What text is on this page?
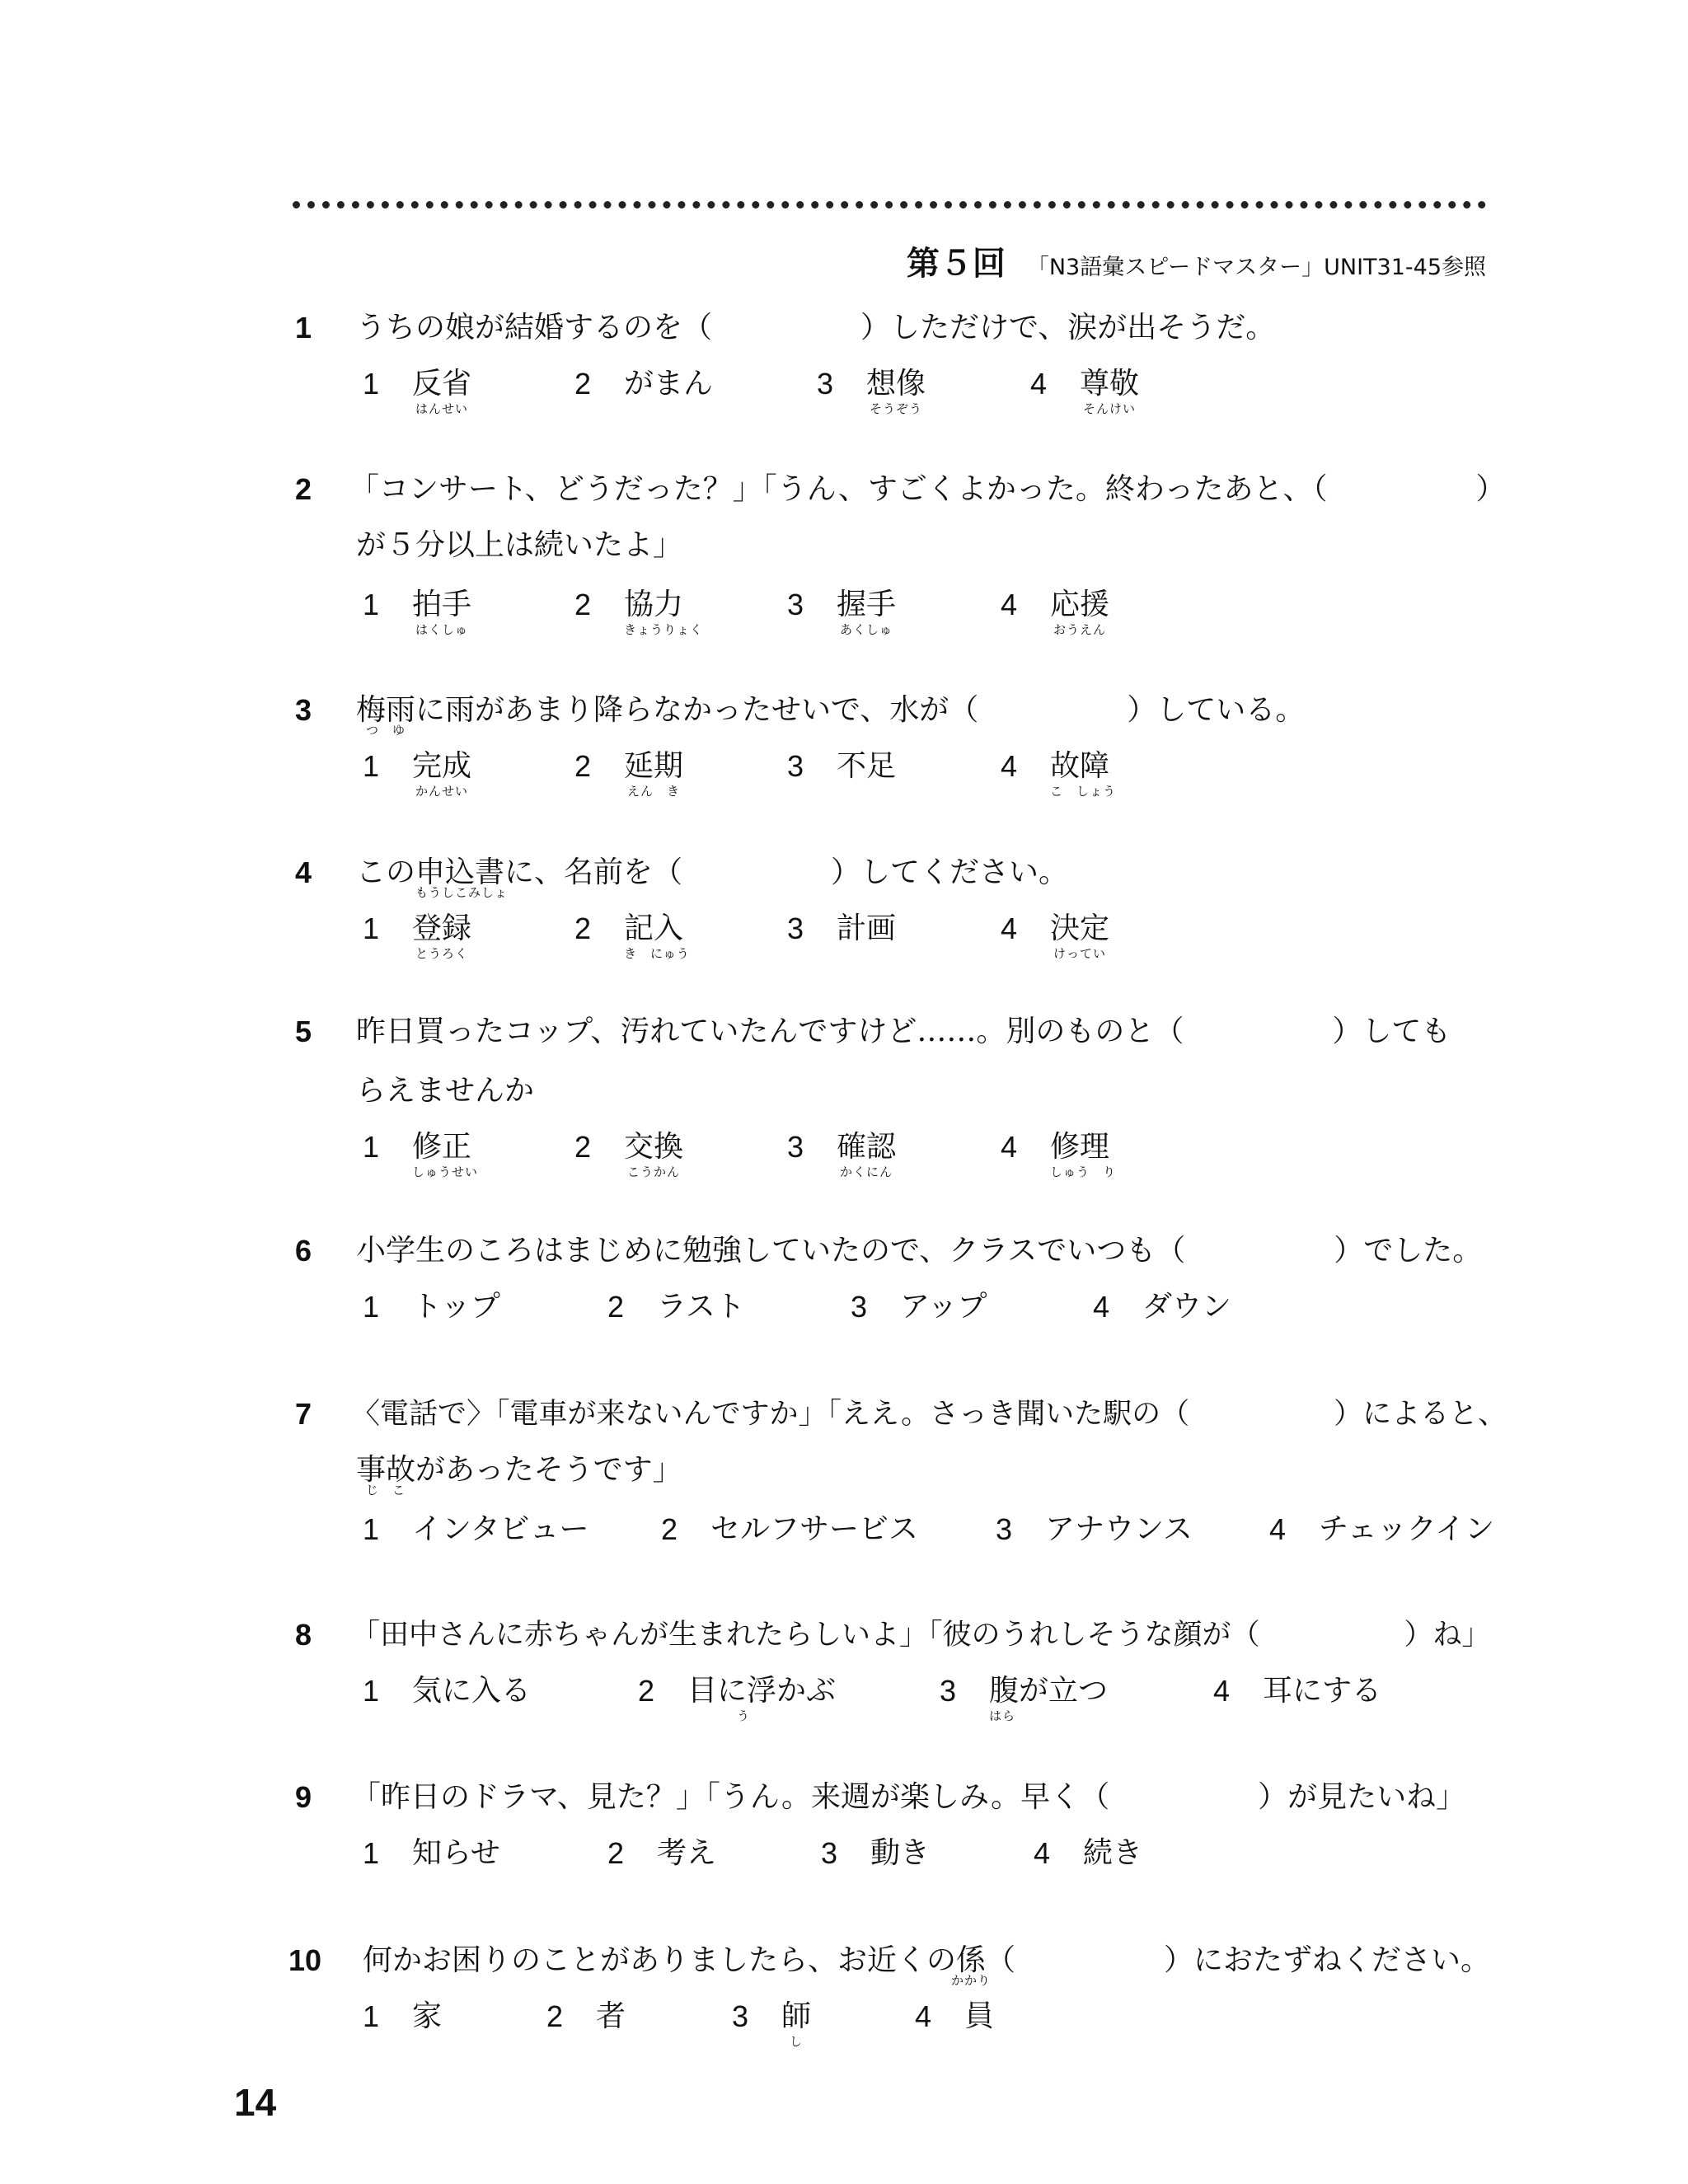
第５回 「N3語彙スピードマスター」UNIT31-45参照
1	うちの娘が結婚するのを（　　　　　）しただけで、涙が出そうだ。
1	反省
はんせい
2	がまん	3	想像
そうぞう
4	尊敬
そんけい
2	「コンサート、どうだった？」「うん、すごくよかった。終わったあと、（　　　　　）
が５分以上は続いたよ」
1	拍手
はくしゅ
2	協力
きょうりょく
3	握手
あくしゅ
4	応援
おうえん
3	梅雨
つ　ゆ
に雨があまり降らなかったせいで、水が（　　　　　）している。
1	完成
かんせい
2	延期
えん　き
3	不足	4	故障
こ　しょう
4	この申込書
もうしこみしょ
に、名前を（　　　　　）してください。
1	登録
とうろく
2	記入
き　にゅう
3	計画	4	決定
けってい
5	昨日買ったコップ、汚れていたんですけど……。別のものと（　　　　　）しても
らえませんか
1	修正
しゅうせい
2	交換
こうかん
3	確認
かくにん
4	修理
しゅう　り
6	小学生のころはまじめに勉強していたので、クラスでいつも（　　　　　）でした。
1	トップ	2	ラスト	3	アップ	4	ダウン
7	〈電話で〉「電車が来ないんですか」「ええ。さっき聞いた駅の（　　　　　）によると、
事故
じ　こ
があったそうです」
1	インタビュー 2	セルフサービス	3	アナウンス	4	チェックイン
8	「田中さんに赤ちゃんが生まれたらしいよ」「彼のうれしそうな顔が（　　　　　）ね」
1	気に入る	2	目に浮かぶ
う
3	腹が立つ
はら
4	耳にする
9	「昨日のドラマ、見た？」「うん。来週が楽しみ。早く（　　　　　）が見たいね」
1	知らせ	2	考え	3	動き	4	続き
10	何かお困りのことがありましたら、お近くの係
かかり
（　　　　　）におたずねください。
1	家	2	者	3	師
し
4	員
14
